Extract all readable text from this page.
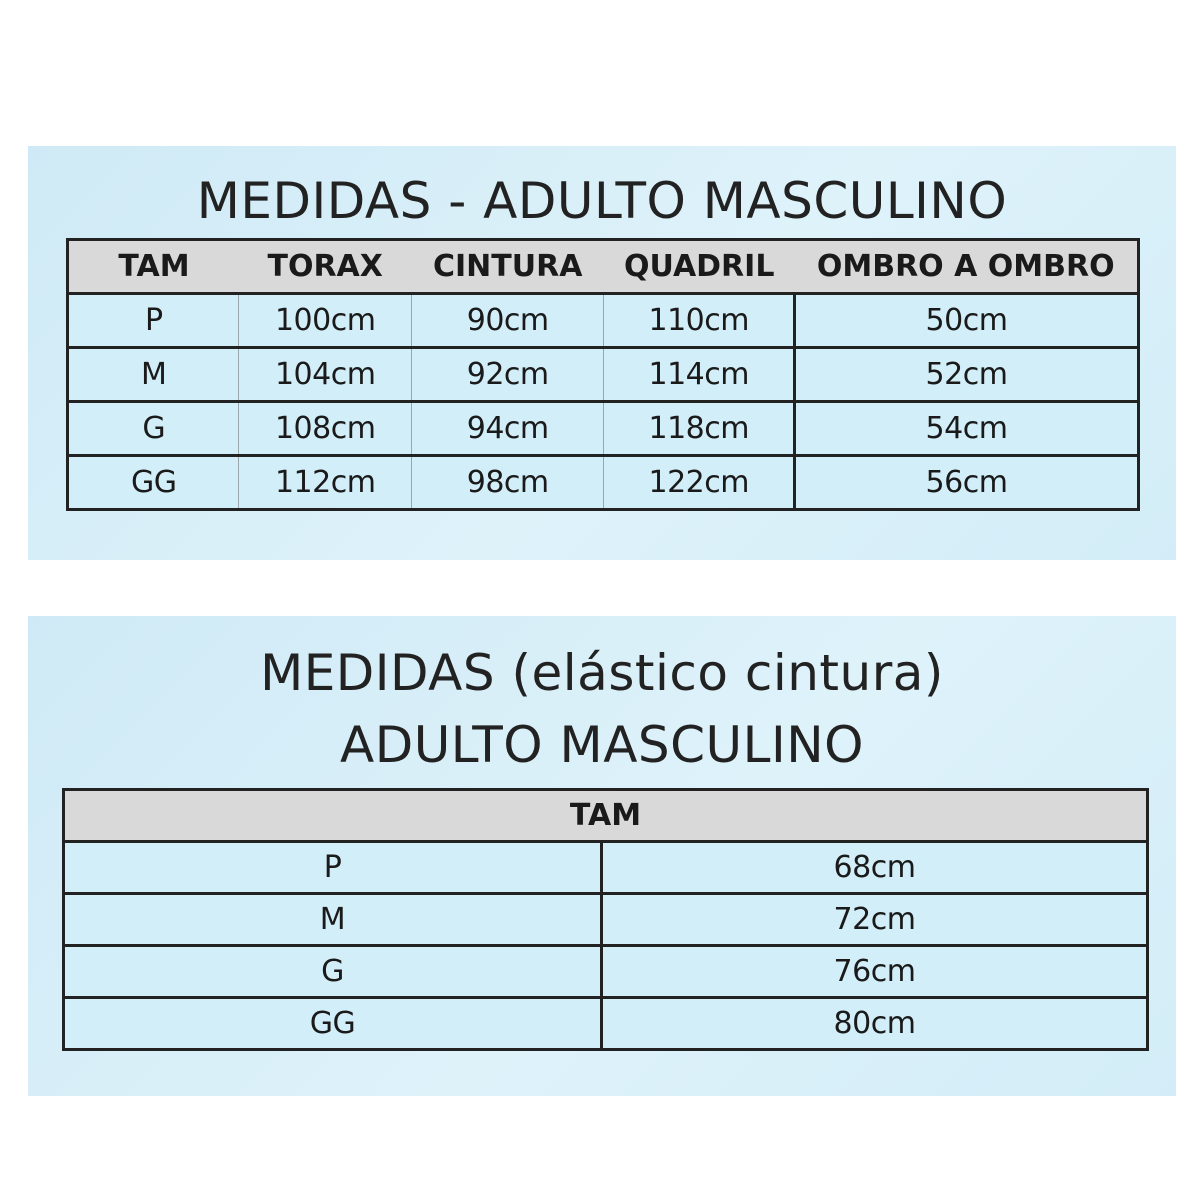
MEDIDAS - ADULTO MASCULINO
TAM	TORAX	CINTURA	QUADRIL	OMBRO A OMBRO
P	100cm	90cm	110cm	50cm
M	104cm	92cm	114cm	52cm
G	108cm	94cm	118cm	54cm
GG	112cm	98cm	122cm	56cm
MEDIDAS (elástico cintura)
ADULTO MASCULINO
TAM	
P	68cm
M	72cm
G	76cm
GG	80cm
